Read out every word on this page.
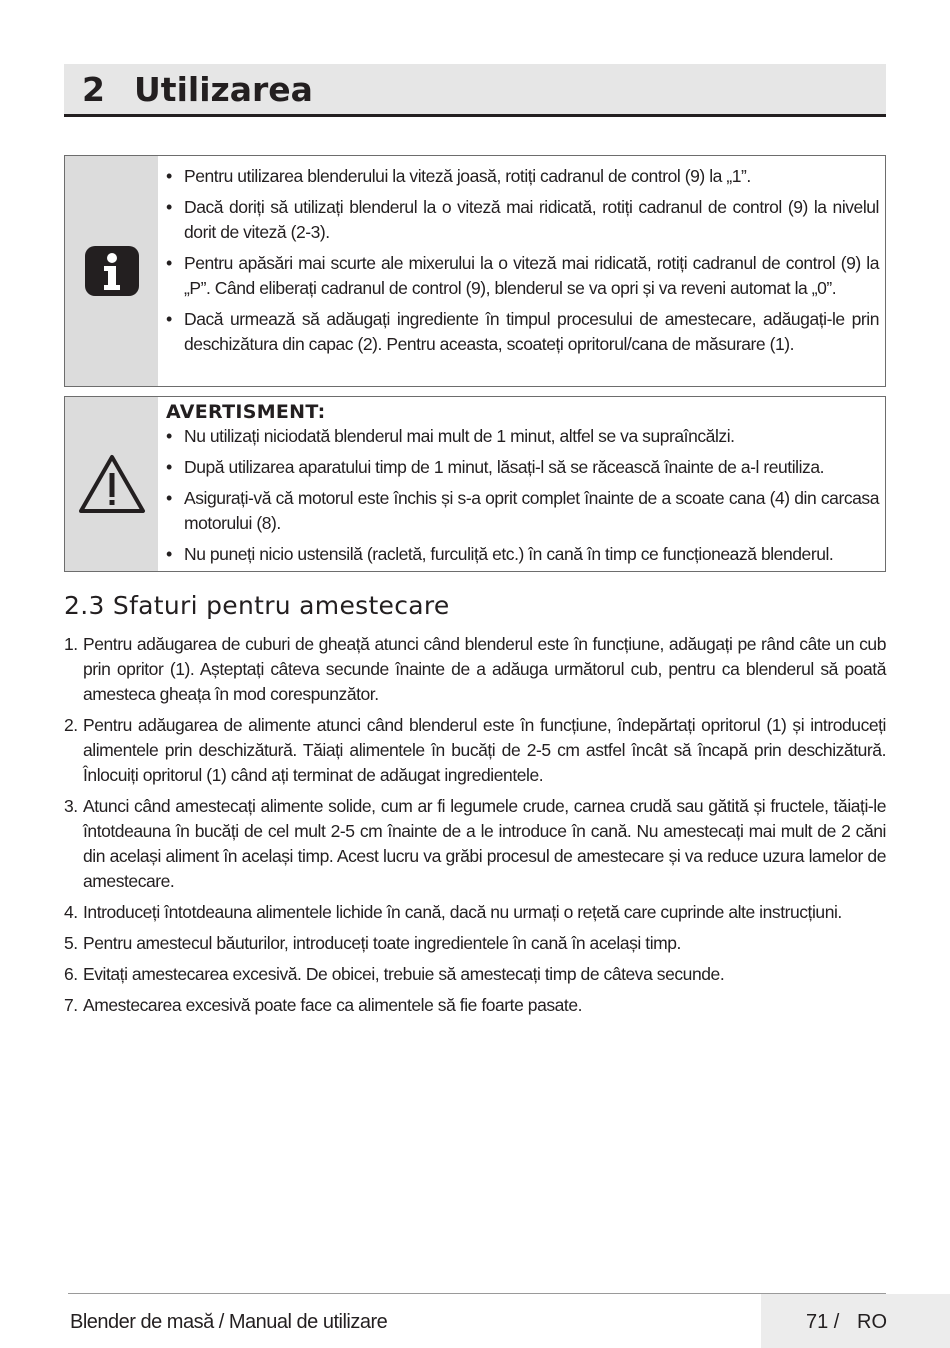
2 Utilizarea
• Pentru utilizarea blenderului la viteză joasă, rotiți cadranul de control (9) la „1”.
• Dacă doriți să utilizați blenderul la o viteză mai ridicată, rotiți cadranul de control (9) la nivelul dorit de viteză (2-3).
• Pentru apăsări mai scurte ale mixerului la o viteză mai ridicată, rotiți cadranul de control (9) la „P”. Când eliberați cadranul de control (9), blenderul se va opri și va reveni automat la „0”.
• Dacă urmează să adăugați ingrediente în timpul procesului de amestecare, adăugați-le prin deschizătura din capac (2). Pentru aceasta, scoateți opritorul/cana de măsurare (1).
AVERTISMENT:
• Nu utilizați niciodată blenderul mai mult de 1 minut, altfel se va supraîncălzi.
• După utilizarea aparatului timp de 1 minut, lăsați-l să se răcească înainte de a-l reutiliza.
• Asigurați-vă că motorul este închis și s-a oprit complet înainte de a scoate cana (4) din carcasa motorului (8).
• Nu puneți nicio ustensilă (racletă, furculiță etc.) în cană în timp ce funcționează blenderul.
2.3 Sfaturi pentru amestecare
1. Pentru adăugarea de cuburi de gheață atunci când blenderul este în funcțiune, adăugați pe rând câte un cub prin opritor (1). Așteptați câteva secunde înainte de a adăuga următorul cub, pentru ca blenderul să poată amesteca gheața în mod corespunzător.
2. Pentru adăugarea de alimente atunci când blenderul este în funcțiune, îndepărtați opritorul (1) și introduceți alimentele prin deschizătură. Tăiați alimentele în bucăți de 2-5 cm astfel încât să încapă prin deschizătură. Înlocuiți opritorul (1) când ați terminat de adăugat ingredientele.
3. Atunci când amestecați alimente solide, cum ar fi legumele crude, carnea crudă sau gătită și fructele, tăiați-le întotdeauna în bucăți de cel mult 2-5 cm înainte de a le introduce în cană. Nu amestecați mai mult de 2 căni din același aliment în același timp. Acest lucru va grăbi procesul de amestecare și va reduce uzura lamelor de amestecare.
4. Introduceți întotdeauna alimentele lichide în cană, dacă nu urmați o rețetă care cuprinde alte instrucțiuni.
5. Pentru amestecul băuturilor, introduceți toate ingredientele în cană în același timp.
6. Evitați amestecarea excesivă. De obicei, trebuie să amestecați timp de câteva secunde.
7. Amestecarea excesivă poate face ca alimentele să fie foarte pasate.
Blender de masă / Manual de utilizare	71 / RO
